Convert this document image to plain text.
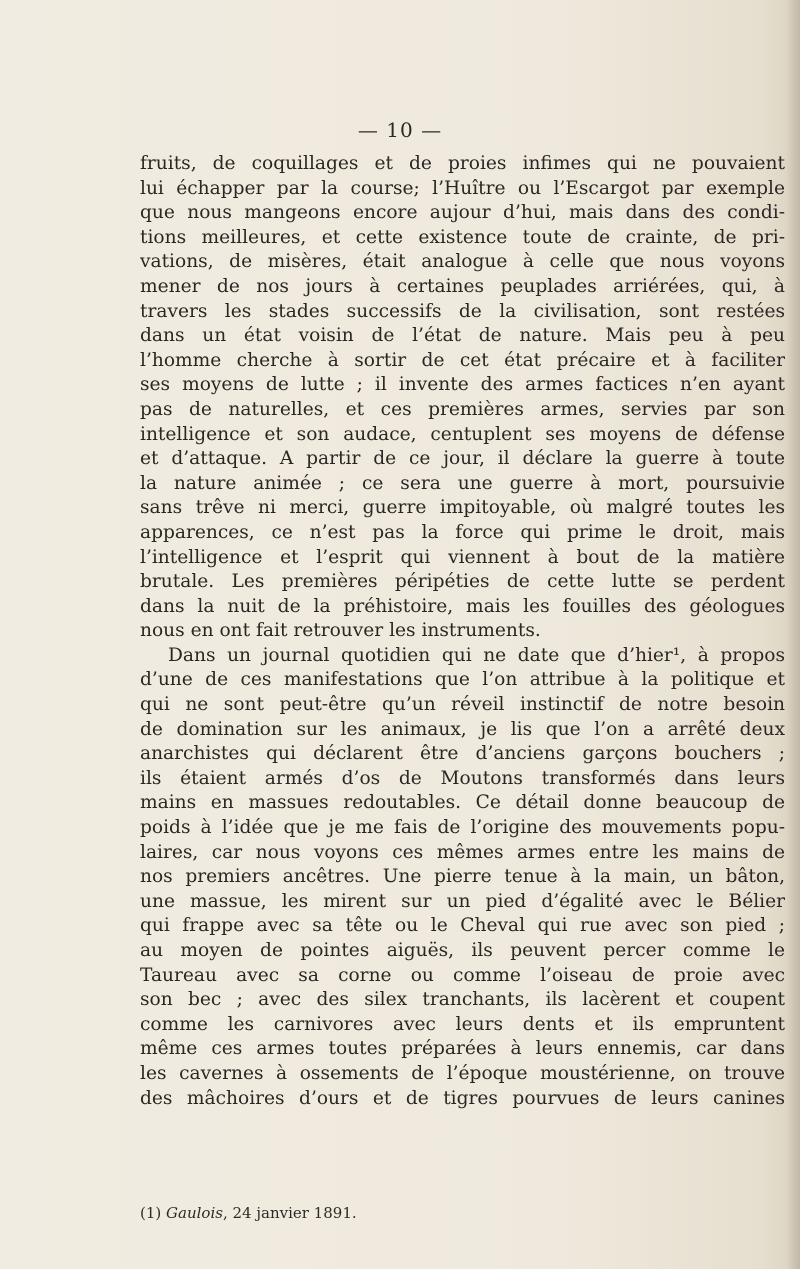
— 10 —
fruits, de coquillages et de proies infimes qui ne pouvaient
lui échapper par la course; l’Huître ou l’Escargot par exemple
que nous mangeons encore aujour d’hui, mais dans des condi-
tions meilleures, et cette existence toute de crainte, de pri-
vations, de misères, était analogue à celle que nous voyons
mener de nos jours à certaines peuplades arriérées, qui, à
travers les stades successifs de la civilisation, sont restées
dans un état voisin de l’état de nature. Mais peu à peu
l’homme cherche à sortir de cet état précaire et à faciliter
ses moyens de lutte ; il invente des armes factices n’en ayant
pas de naturelles, et ces premières armes, servies par son
intelligence et son audace, centuplent ses moyens de défense
et d’attaque. A partir de ce jour, il déclare la guerre à toute
la nature animée ; ce sera une guerre à mort, poursuivie
sans trêve ni merci, guerre impitoyable, où malgré toutes les
apparences, ce n’est pas la force qui prime le droit, mais
l’intelligence et l’esprit qui viennent à bout de la matière
brutale. Les premières péripéties de cette lutte se perdent
dans la nuit de la préhistoire, mais les fouilles des géologues
nous en ont fait retrouver les instruments.
Dans un journal quotidien qui ne date que d’hier¹, à propos
d’une de ces manifestations que l’on attribue à la politique et
qui ne sont peut-être qu’un réveil instinctif de notre besoin
de domination sur les animaux, je lis que l’on a arrêté deux
anarchistes qui déclarent être d’anciens garçons bouchers ;
ils étaient armés d’os de Moutons transformés dans leurs
mains en massues redoutables. Ce détail donne beaucoup de
poids à l’idée que je me fais de l’origine des mouvements popu-
laires, car nous voyons ces mêmes armes entre les mains de
nos premiers ancêtres. Une pierre tenue à la main, un bâton,
une massue, les mirent sur un pied d’égalité avec le Bélier
qui frappe avec sa tête ou le Cheval qui rue avec son pied ;
au moyen de pointes aiguës, ils peuvent percer comme le
Taureau avec sa corne ou comme l’oiseau de proie avec
son bec ; avec des silex tranchants, ils lacèrent et coupent
comme les carnivores avec leurs dents et ils empruntent
même ces armes toutes préparées à leurs ennemis, car dans
les cavernes à ossements de l’époque moustérienne, on trouve
des mâchoires d’ours et de tigres pourvues de leurs canines
(1) Gaulois, 24 janvier 1891.
